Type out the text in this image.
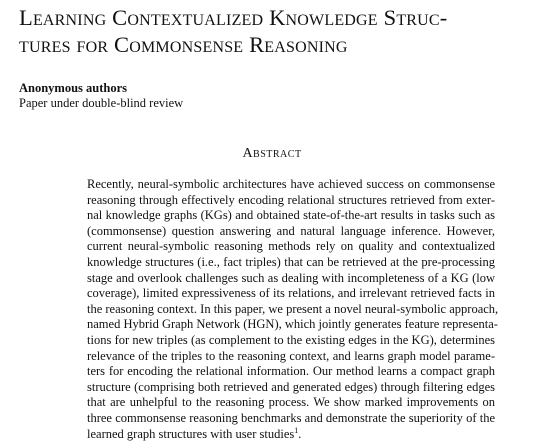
Learning Contextualized Knowledge Struc-
tures for Commonsense Reasoning
Anonymous authors
Paper under double-blind review
Abstract
Recently, neural-symbolic architectures have achieved success on commonsense
reasoning through effectively encoding relational structures retrieved from exter-
nal knowledge graphs (KGs) and obtained state-of-the-art results in tasks such as
(commonsense) question answering and natural language inference. However,
current neural-symbolic reasoning methods rely on quality and contextualized
knowledge structures (i.e., fact triples) that can be retrieved at the pre-processing
stage and overlook challenges such as dealing with incompleteness of a KG (low
coverage), limited expressiveness of its relations, and irrelevant retrieved facts in
the reasoning context. In this paper, we present a novel neural-symbolic approach,
named Hybrid Graph Network (HGN), which jointly generates feature representa-
tions for new triples (as complement to the existing edges in the KG), determines
relevance of the triples to the reasoning context, and learns graph model parame-
ters for encoding the relational information. Our method learns a compact graph
structure (comprising both retrieved and generated edges) through filtering edges
that are unhelpful to the reasoning process. We show marked improvements on
three commonsense reasoning benchmarks and demonstrate the superiority of the
learned graph structures with user studies$^1$.
